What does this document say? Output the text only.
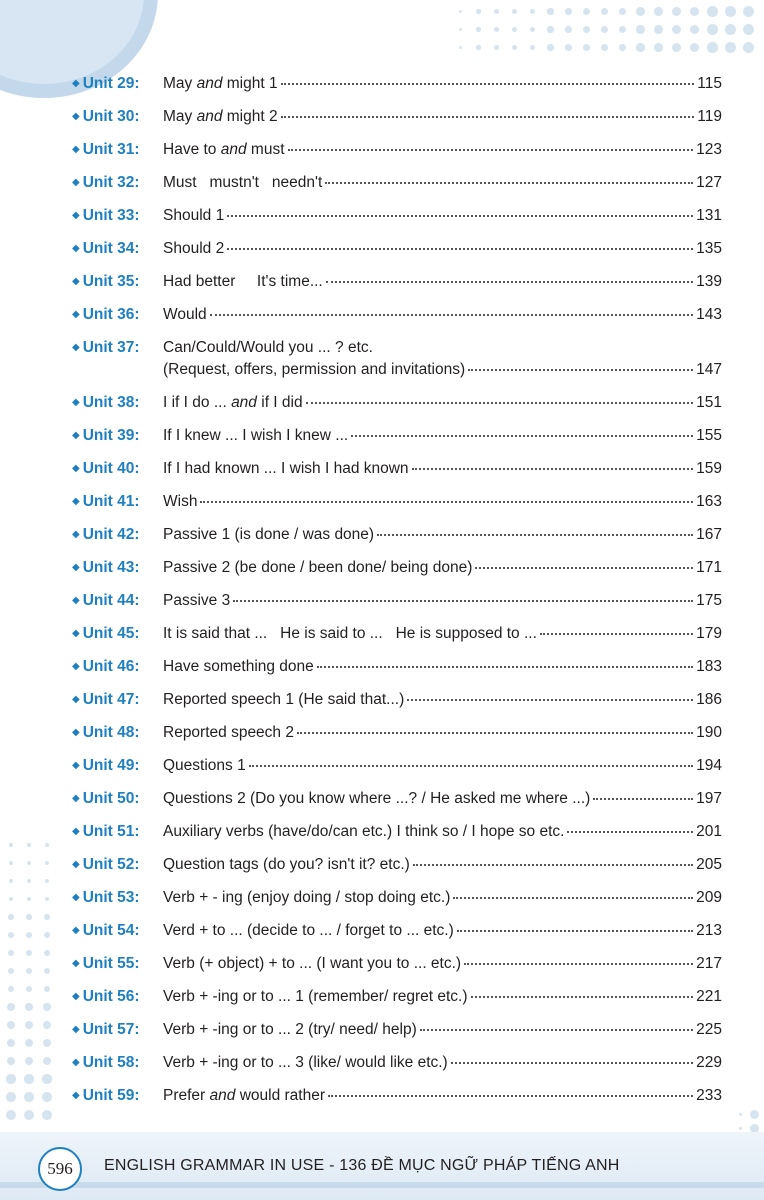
◆ Unit 29:	May and might 1	115
◆ Unit 30:	May and might 2	119
◆ Unit 31:	Have to and must	123
◆ Unit 32:	Must   mustn't   needn't	127
◆ Unit 33:	Should 1	131
◆ Unit 34:	Should 2	135
◆ Unit 35:	Had better     It's time...	139
◆ Unit 36:	Would	143
◆ Unit 37:	Can/Could/Would you ... ? etc.
(Request, offers, permission and invitations)	147
◆ Unit 38:	I if I do ... and if I did	151
◆ Unit 39:	If I knew ... I wish I knew ...	155
◆ Unit 40:	If I had known ... I wish I had known	159
◆ Unit 41:	Wish	163
◆ Unit 42:	Passive 1 (is done / was done)	167
◆ Unit 43:	Passive 2 (be done / been done/ being done)	171
◆ Unit 44:	Passive 3	175
◆ Unit 45:	It is said that ...   He is said to ...   He is supposed to ...	179
◆ Unit 46:	Have something done	183
◆ Unit 47:	Reported speech 1 (He said that...)	186
◆ Unit 48:	Reported speech 2	190
◆ Unit 49:	Questions 1	194
◆ Unit 50:	Questions 2 (Do you know where ...? / He asked me where ...)	197
◆ Unit 51:	Auxiliary verbs (have/do/can etc.) I think so / I hope so etc.	201
◆ Unit 52:	Question tags (do you? isn't it? etc.)	205
◆ Unit 53:	Verb + - ing (enjoy doing / stop doing etc.)	209
◆ Unit 54:	Verd + to ... (decide to ... / forget to ... etc.)	213
◆ Unit 55:	Verb (+ object) + to ... (I want you to ... etc.)	217
◆ Unit 56:	Verb + -ing or to ... 1 (remember/ regret etc.)	221
◆ Unit 57:	Verb + -ing or to ... 2 (try/ need/ help)	225
◆ Unit 58:	Verb + -ing or to ... 3 (like/ would like etc.)	229
◆ Unit 59:	Prefer and would rather	233
596	ENGLISH GRAMMAR IN USE - 136 ĐỀ MỤC NGỮ PHÁP TIẾNG ANH
